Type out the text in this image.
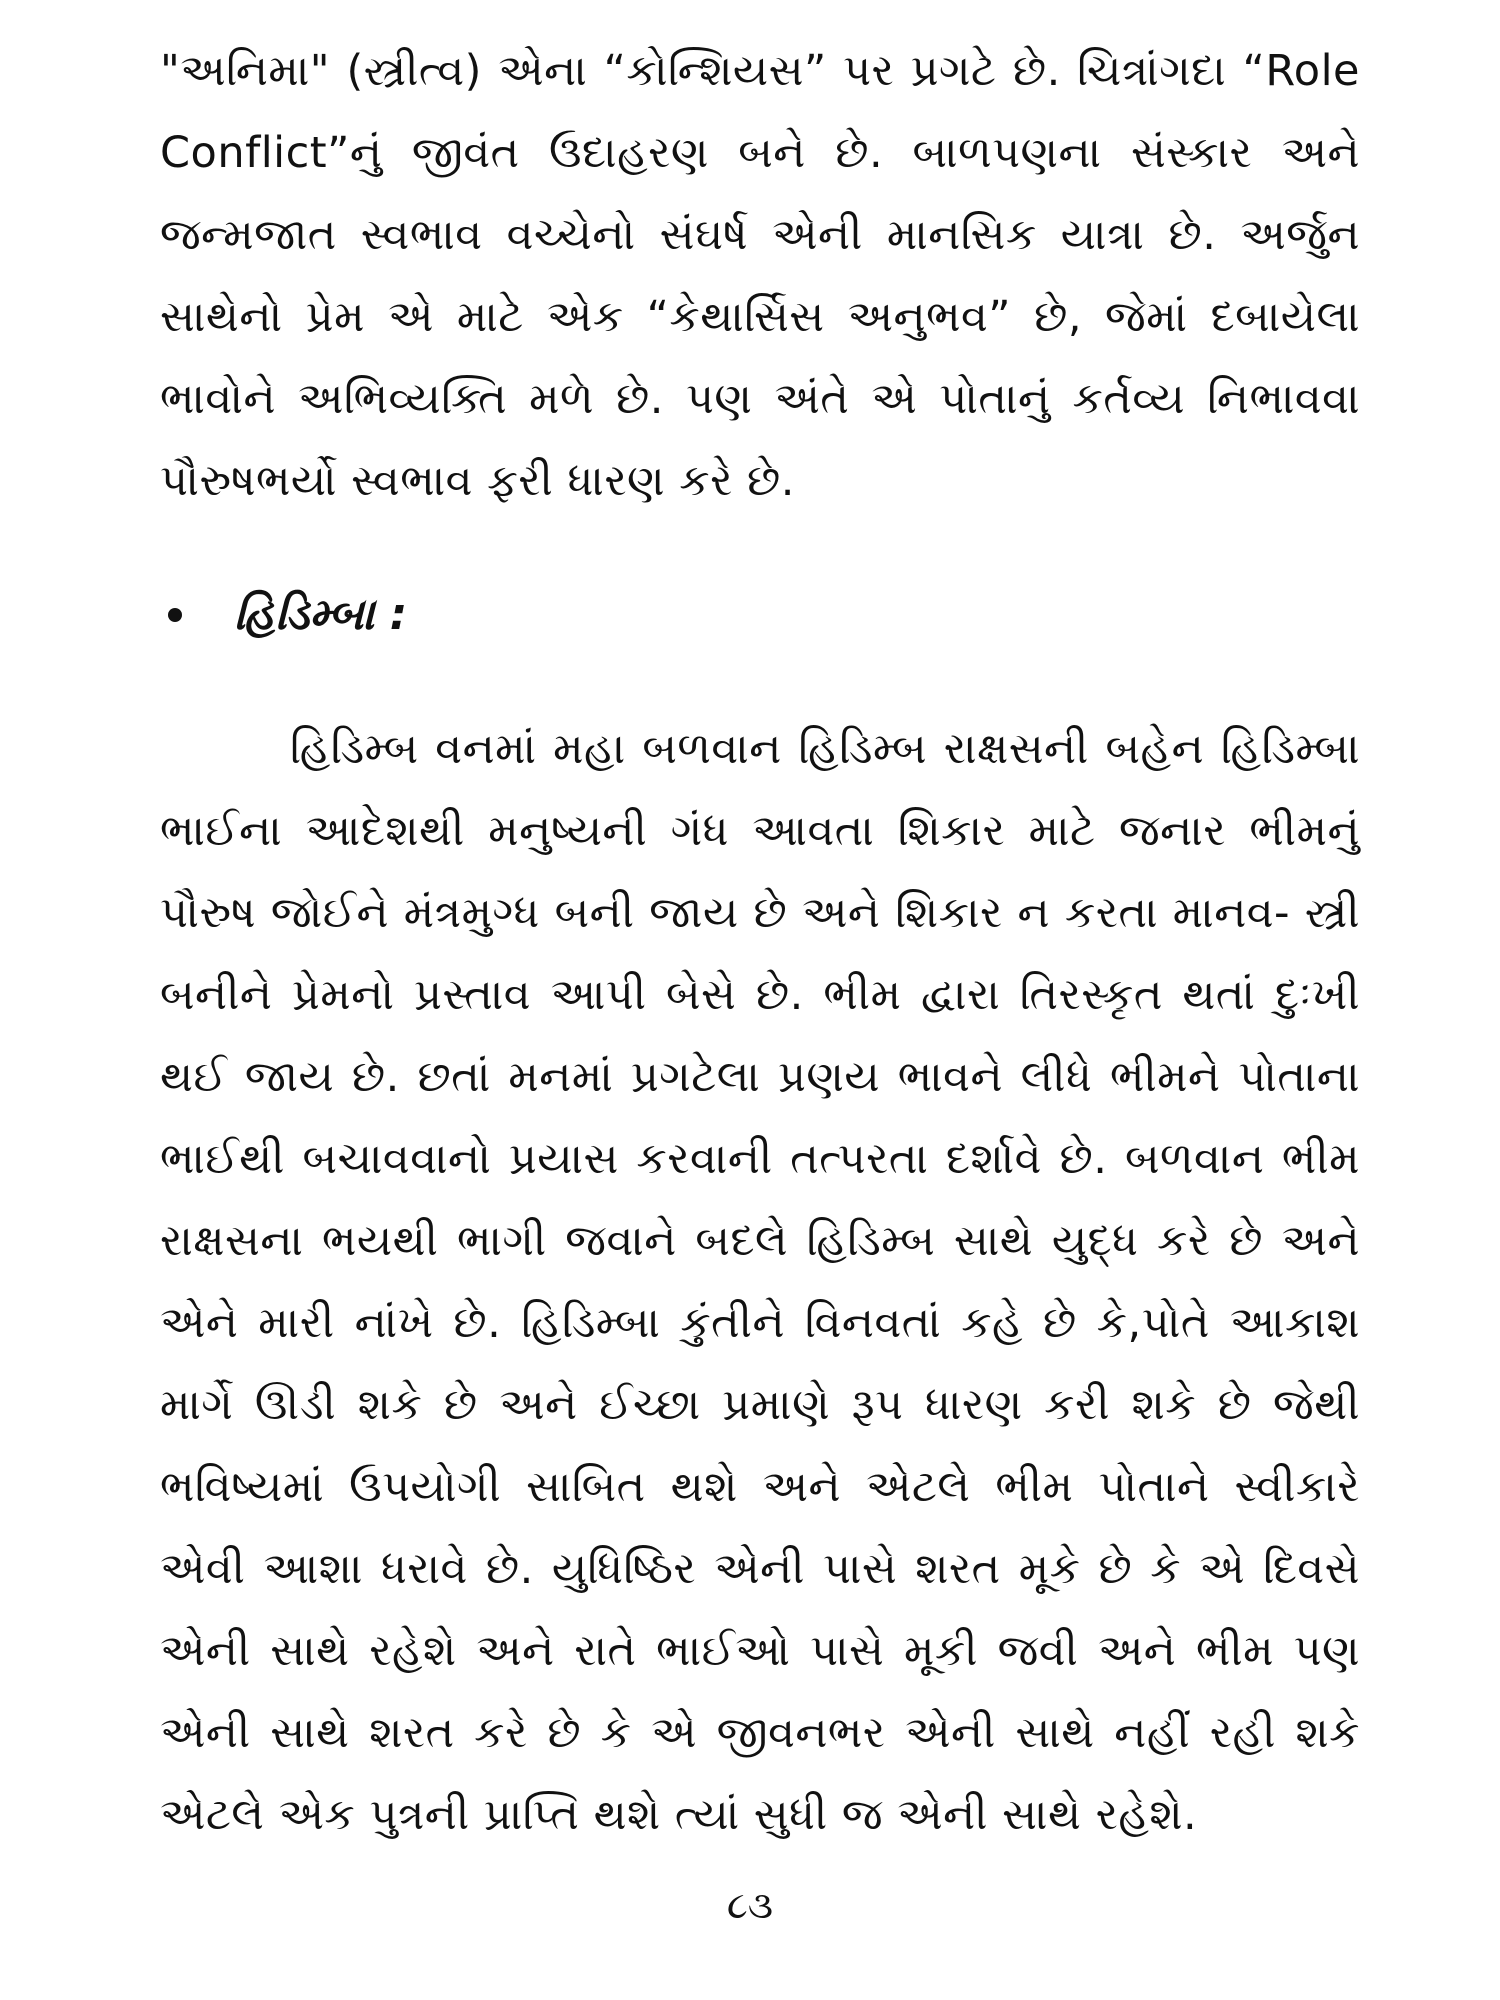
"અનિમા" (સ્ત્રીત્વ) એના “કોન્શિયસ” પર પ્રગટે છે. ચિત્રાંગદા “Role Conflict”નું જીવંત ઉદાહરણ બને છે. બાળપણના સંસ્કાર અને જન્મજાત સ્વભાવ વચ્ચેનો સંઘર્ષ એની માનસિક યાત્રા છે. અર્જુન સાથેનો પ્રેમ એ માટે એક “કેથાર્સિસ અનુભવ” છે, જેમાં દબાયેલા ભાવોને અભિવ્યક્તિ મળે છે. પણ અંતે એ પોતાનું કર્તવ્ય નિભાવવા પૌરુષભર્યો સ્વભાવ ફરી ધારણ કરે છે.

હિડિમ્બા :

હિડિમ્બ વનમાં મહા બળવાન હિડિમ્બ રાક્ષસની બહેન હિડિમ્બા ભાઈના આદેશથી મનુષ્યની ગંધ આવતા શિકાર માટે જનાર ભીમનું પૌરુષ જોઈને મંત્રમુગ્ધ બની જાય છે અને શિકાર ન કરતા માનવ- સ્ત્રી બનીને પ્રેમનો પ્રસ્તાવ આપી બેસે છે. ભીમ દ્વારા તિરસ્કૃત થતાં દુઃખી થઈ જાય છે. છતાં મનમાં પ્રગટેલા પ્રણય ભાવને લીધે ભીમને પોતાના ભાઈથી બચાવવાનો પ્રયાસ કરવાની તત્પરતા દર્શાવે છે. બળવાન ભીમ રાક્ષસના ભયથી ભાગી જવાને બદલે હિડિમ્બ સાથે યુદ્ધ કરે છે અને એને મારી નાંખે છે. હિડિમ્બા કુંતીને વિનવતાં કહે છે કે,પોતે આકાશ માર્ગે ઊડી શકે છે અને ઈચ્છા પ્રમાણે રૂપ ધારણ કરી શકે છે જેથી ભવિષ્યમાં ઉપયોગી સાબિત થશે અને એટલે ભીમ પોતાને સ્વીકારે એવી આશા ધરાવે છે. યુધિષ્ઠિર એની પાસે શરત મૂકે છે કે એ દિવસે એની સાથે રહેશે અને રાતે ભાઈઓ પાસે મૂકી જવી અને ભીમ પણ એની સાથે શરત કરે છે કે એ જીવનભર એની સાથે નહીં રહી શકે એટલે એક પુત્રની પ્રાપ્તિ થશે ત્યાં સુધી જ એની સાથે રહેશે.

૮૩
